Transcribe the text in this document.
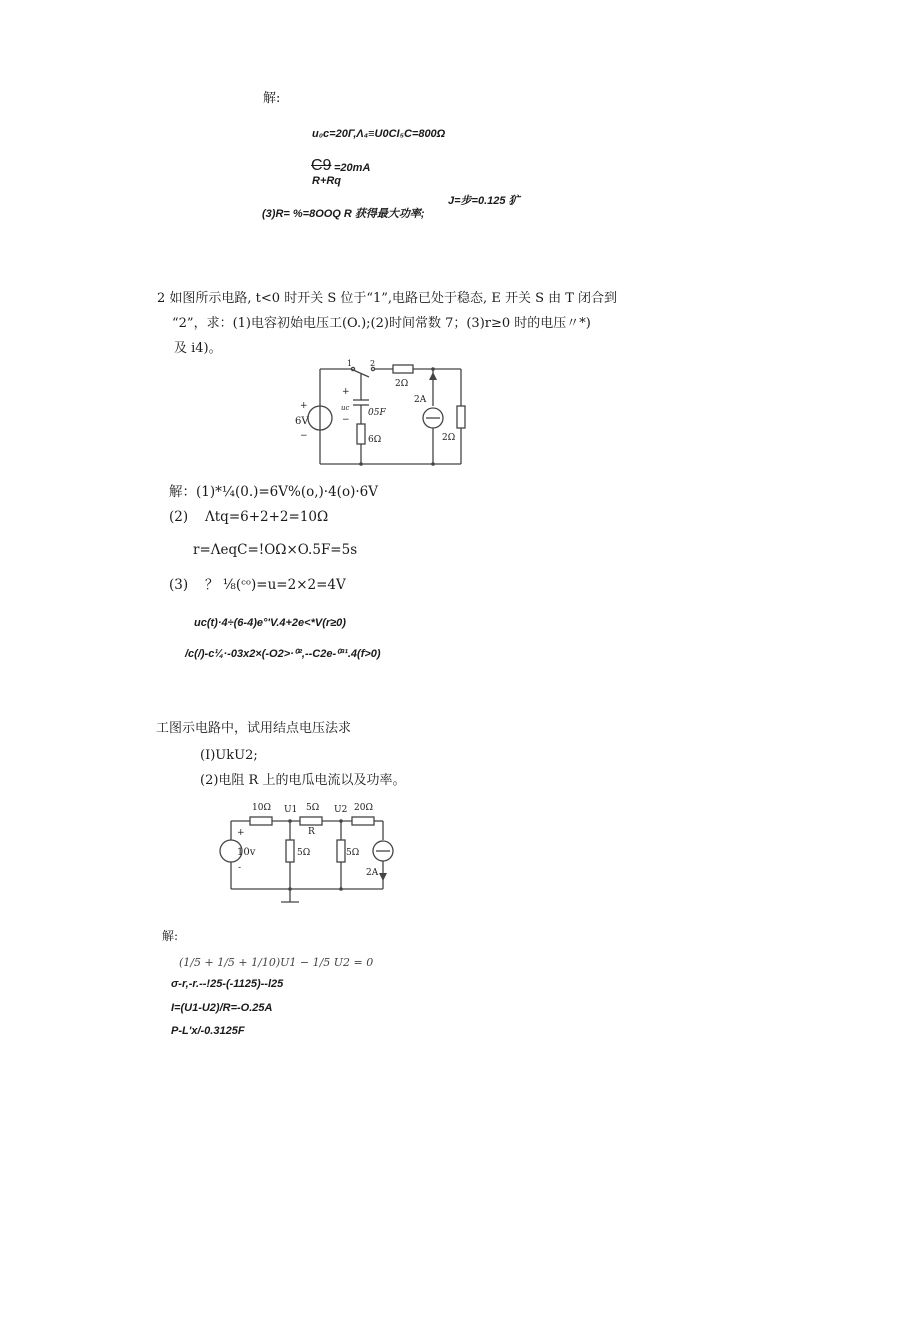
解:
u₀c=20Γ,Λ₄≡U0CI₅C=800Ω
C9 =20mA
R+Rq
J=步=0.125 犷
(3)R= %=8OOQ R 获得最大功率;
2 如图所示电路, t<0 时开关 S 位于“1”,电路已处于稳态, E 开关 S 由 T 闭合到
“2”，求：(1)电容初始电压工(O.);(2)时间常数 7；(3)r≥0 时的电压〃*)
及 i4)。
1 2
2Ω
+
6V
−
+
uc
−
05F
6Ω
2A
2Ω
解：(1)*¼(0.)=6V%(o,)·4(o)·6V
(2) Λtq=6+2+2=10Ω
r=ΛeqC=!OΩ×O.5F=5s
(3) ？ ⅛(ᶜᵒ)=u=2×2=4V
uc(t)·4÷(6-4)e°'V.4+2e<*V(r≥0)
/c(/)-c¼·-03x2×(-O2>·⁰²,--C2e-⁰³¹.4(f>0)
工图示电路中，试用结点电压法求
(I)UkU2;
(2)电阻 R 上的电瓜电流以及功率。
10Ω U1 5Ω U2 20Ω
+
10v
-
R
5Ω	5Ω
2A
解:
(1/5 + 1/5 + 1/10)U1 − 1/5 U2 = 0
σ-r,-r.--!25-(-1125)--l25
I=(U1-U2)/R=-O.25A
P-L'x/-0.3125F
